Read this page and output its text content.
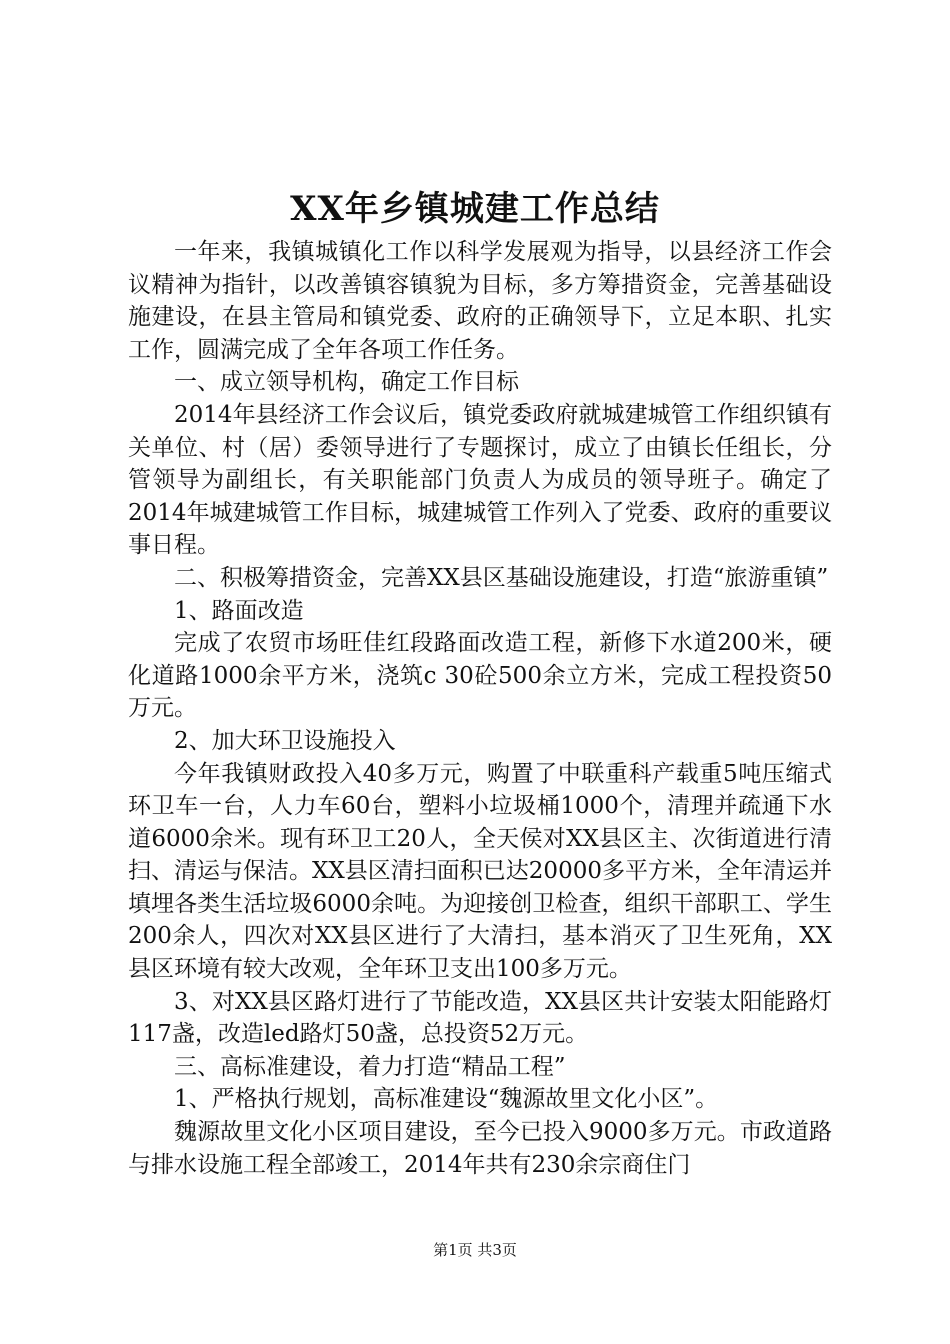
XX年乡镇城建工作总结

一年来，我镇城镇化工作以科学发展观为指导，以县经济工作会议精神为指针，以改善镇容镇貌为目标，多方筹措资金，完善基础设施建设，在县主管局和镇党委、政府的正确领导下，立足本职、扎实工作，圆满完成了全年各项工作任务。

一、成立领导机构，确定工作目标

2014年县经济工作会议后，镇党委政府就城建城管工作组织镇有关单位、村（居）委领导进行了专题探讨，成立了由镇长任组长，分管领导为副组长，有关职能部门负责人为成员的领导班子。确定了2014年城建城管工作目标，城建城管工作列入了党委、政府的重要议事日程。

二、积极筹措资金，完善XX县区基础设施建设，打造“旅游重镇”

1、路面改造

完成了农贸市场旺佳红段路面改造工程，新修下水道200米，硬化道路1000余平方米，浇筑c 30砼500余立方米，完成工程投资50万元。

2、加大环卫设施投入

今年我镇财政投入40多万元，购置了中联重科产载重5吨压缩式环卫车一台，人力车60台，塑料小垃圾桶1000个，清理并疏通下水道6000余米。现有环卫工20人，全天侯对XX县区主、次街道进行清扫、清运与保洁。XX县区清扫面积已达20000多平方米，全年清运并填埋各类生活垃圾6000余吨。为迎接创卫检查，组织干部职工、学生200余人，四次对XX县区进行了大清扫，基本消灭了卫生死角，XX县区环境有较大改观，全年环卫支出100多万元。

3、对XX县区路灯进行了节能改造，XX县区共计安装太阳能路灯117盏，改造led路灯50盏，总投资52万元。

三、高标准建设，着力打造“精品工程”

1、严格执行规划，高标准建设“魏源故里文化小区”。

魏源故里文化小区项目建设，至今已投入9000多万元。市政道路与排水设施工程全部竣工，2014年共有230余宗商住门

第1页 共3页
